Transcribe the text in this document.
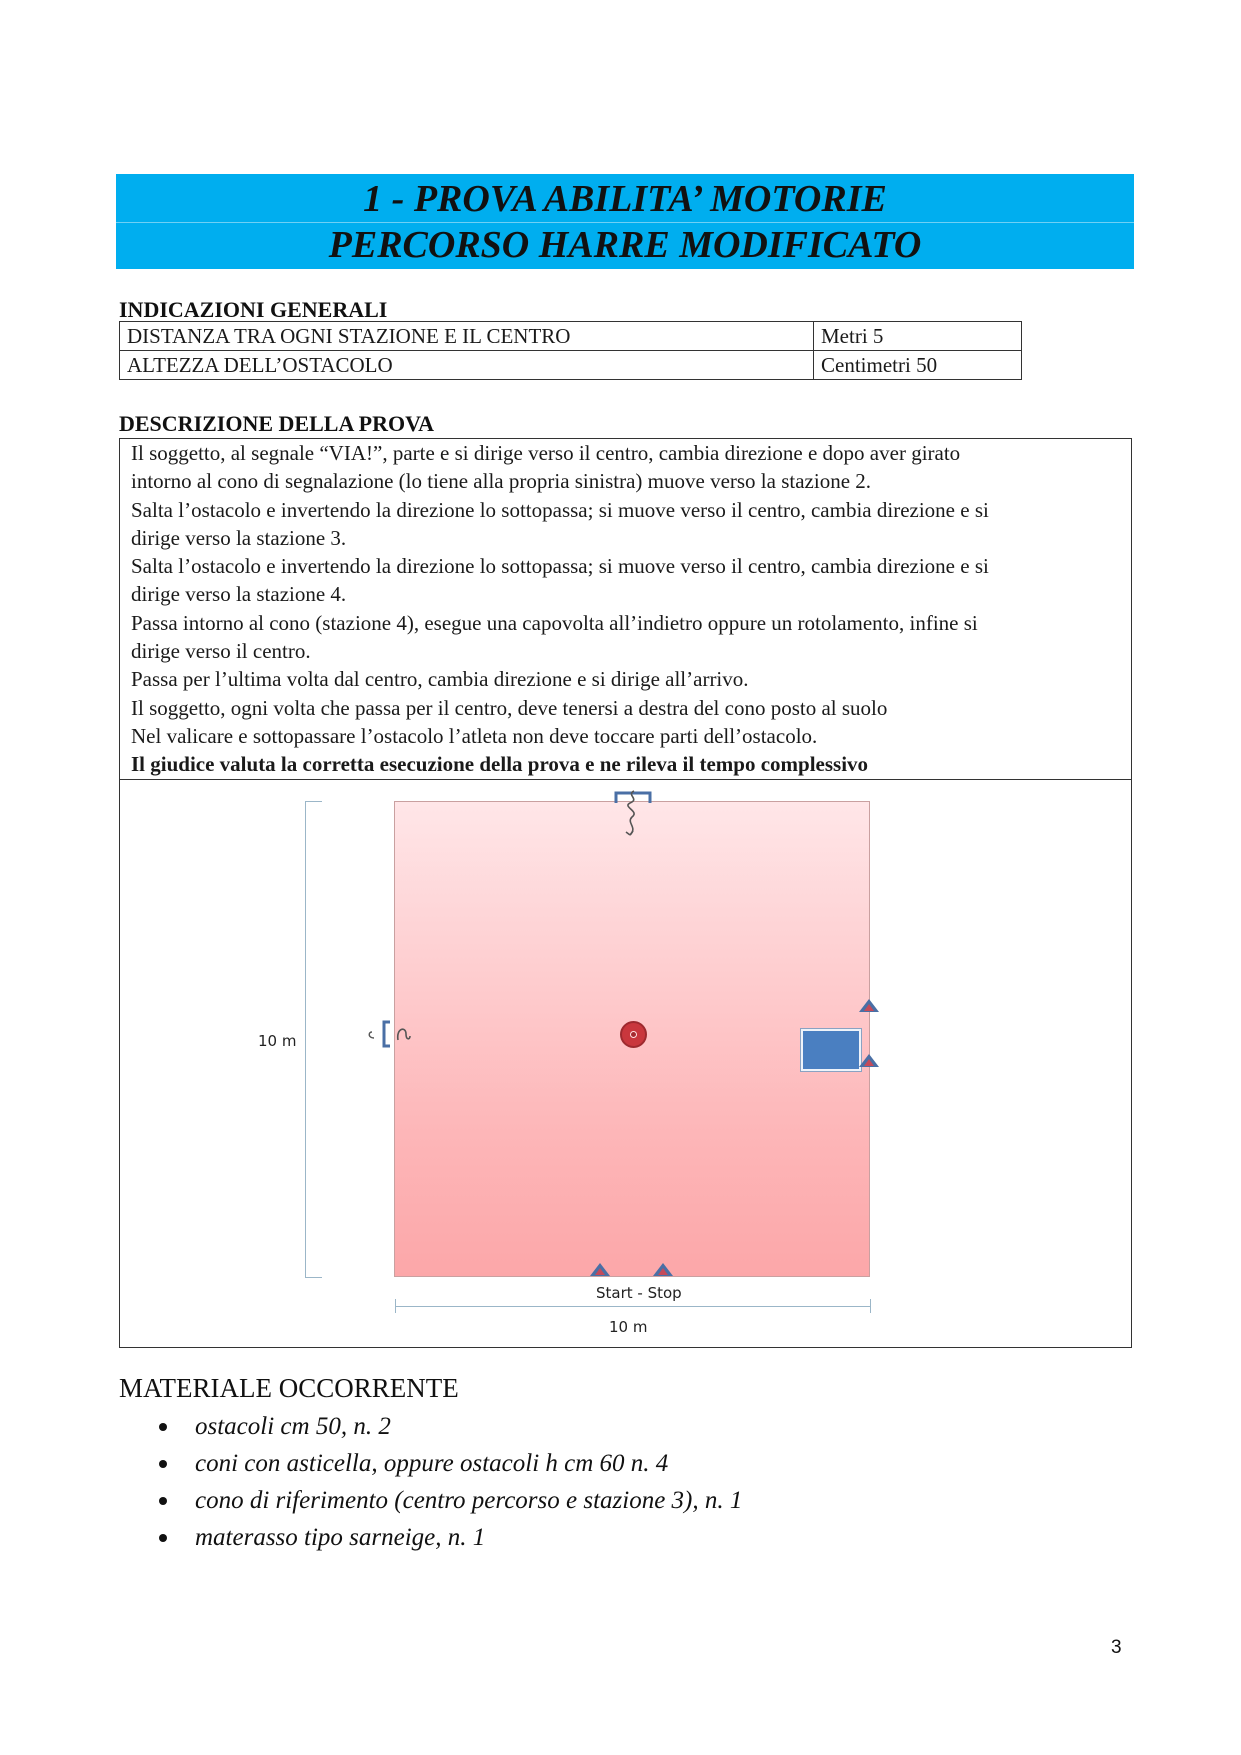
1 - PROVA ABILITA’ MOTORIE
PERCORSO HARRE MODIFICATO
INDICAZIONI GENERALI
DISTANZA TRA OGNI STAZIONE E IL CENTRO	Metri 5
ALTEZZA DELL’OSTACOLO	Centimetri 50
DESCRIZIONE DELLA PROVA

Il soggetto, al segnale “VIA!”, parte e si dirige verso il centro, cambia direzione e dopo aver girato

intorno al cono di segnalazione (lo tiene alla propria sinistra) muove verso la stazione 2.

Salta l’ostacolo e invertendo la direzione lo sottopassa; si muove verso il centro, cambia direzione e si

dirige verso la stazione 3.

Salta l’ostacolo e invertendo la direzione lo sottopassa; si muove verso il centro, cambia direzione e si

dirige verso la stazione 4.

Passa intorno al cono (stazione 4), esegue una capovolta all’indietro oppure un rotolamento, infine si

dirige verso il centro.

Passa per l’ultima volta dal centro, cambia direzione e si dirige all’arrivo.

Il soggetto, ogni volta che passa per il centro, deve tenersi a destra del cono posto al suolo

Nel valicare e sottopassare l’ostacolo l’atleta non deve toccare parti dell’ostacolo.

Il giudice valuta la corretta esecuzione della prova e ne rileva il tempo complessivo

10 m
Start - Stop
10 m
MATERIALE OCCORRENTE
ostacoli cm 50, n. 2
coni con asticella, oppure ostacoli h cm 60 n. 4
cono di riferimento (centro percorso e stazione 3), n. 1
materasso tipo sarneige, n. 1
3
